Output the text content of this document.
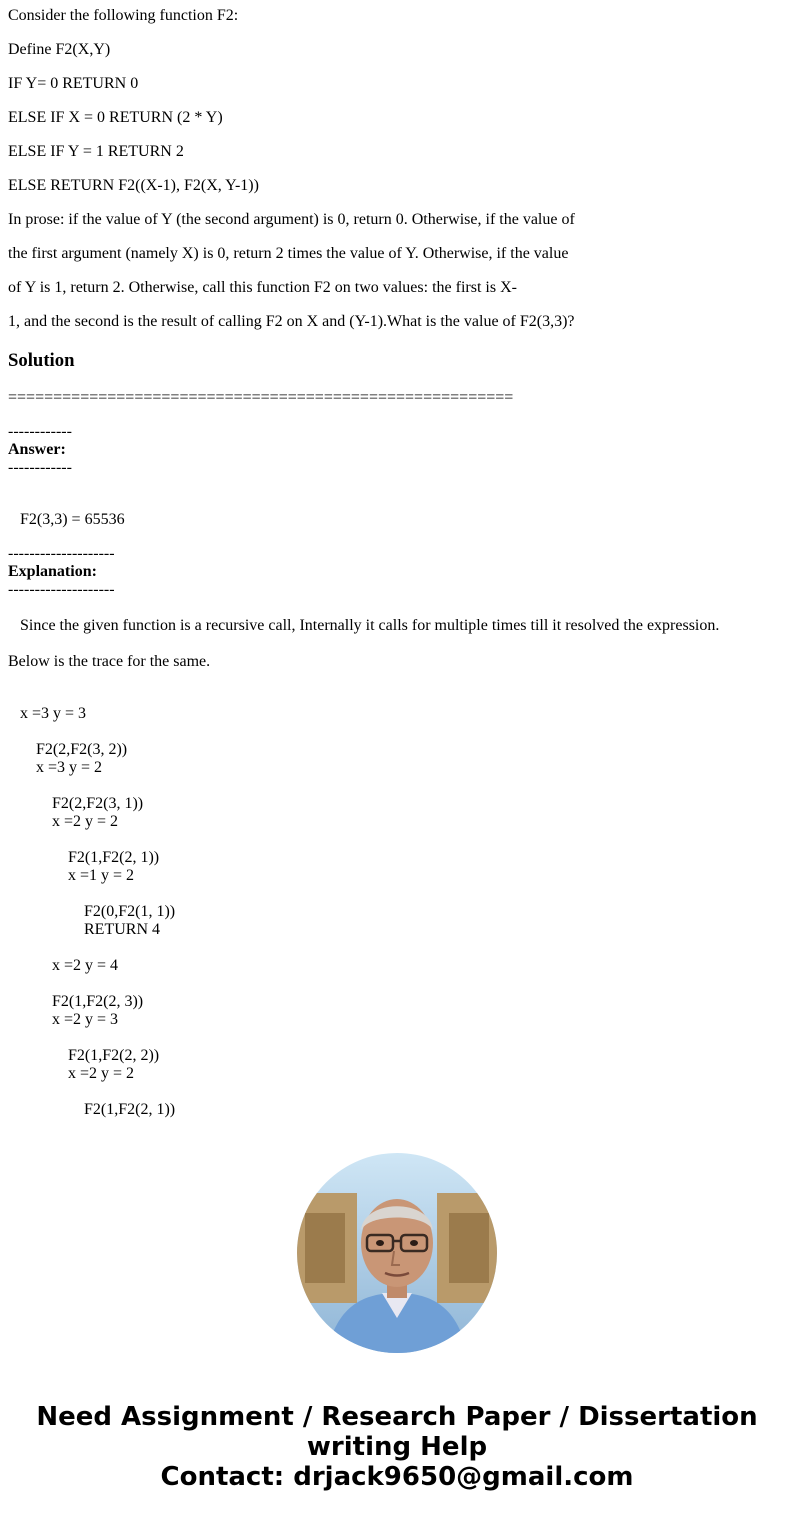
Consider the following function F2:

Define F2(X,Y)

IF Y= 0 RETURN 0

ELSE IF X = 0 RETURN (2 * Y)

ELSE IF Y = 1 RETURN 2

ELSE RETURN F2((X-1), F2(X, Y-1))

In prose: if the value of Y (the second argument) is 0, return 0. Otherwise, if the value of

the first argument (namely X) is 0, return 2 times the value of Y. Otherwise, if the value

of Y is 1, return 2. Otherwise, call this function F2 on two values: the first is X-

1, and the second is the result of calling F2 on X and (Y-1).What is the value of F2(3,3)?

Solution

========================================================

------------

Answer:

------------

F2(3,3) = 65536

--------------------

Explanation:

--------------------

Since the given function is a recursive call, Internally it calls for multiple times till it resolved the expression.

Below is the trace for the same.

x =3 y = 3

F2(2,F2(3, 2))

x =3 y = 2

F2(2,F2(3, 1))

x =2 y = 2

F2(1,F2(2, 1))

x =1 y = 2

F2(0,F2(1, 1))

RETURN 4

x =2 y = 4

F2(1,F2(2, 3))

x =2 y = 3

F2(1,F2(2, 2))

x =2 y = 2

F2(1,F2(2, 1))

Need Assignment / Research Paper / Dissertation
writing Help
Contact: drjack9650@gmail.com
